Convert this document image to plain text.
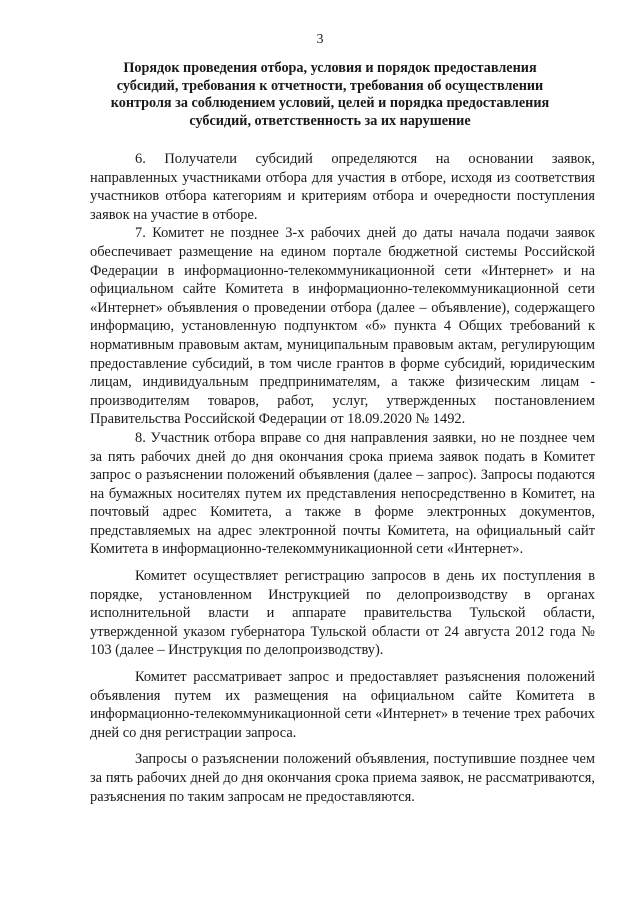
3
Порядок проведения отбора, условия и порядок предоставления субсидий, требования к отчетности, требования об осуществлении контроля за соблюдением условий, целей и порядка предоставления субсидий, ответственность за их нарушение

6. Получатели субсидий определяются на основании заявок, направленных участниками отбора для участия в отборе, исходя из соответствия участников отбора категориям и критериям отбора и очередности поступления заявок на участие в отборе.

7. Комитет не позднее 3-х рабочих дней до даты начала подачи заявок обеспечивает размещение на едином портале бюджетной системы Российской Федерации в информационно-телекоммуникационной сети «Интернет» и на официальном сайте Комитета в информационно-телекоммуникационной сети «Интернет» объявления о проведении отбора (далее – объявление), содержащего информацию, установленную подпунктом «б» пункта 4 Общих требований к нормативным правовым актам, муниципальным правовым актам, регулирующим предоставление субсидий, в том числе грантов в форме субсидий, юридическим лицам, индивидуальным предпринимателям, а также физическим лицам - производителям товаров, работ, услуг, утвержденных постановлением Правительства Российской Федерации от 18.09.2020 № 1492.

8. Участник отбора вправе со дня направления заявки, но не позднее чем за пять рабочих дней до дня окончания срока приема заявок подать в Комитет запрос о разъяснении положений объявления (далее – запрос). Запросы подаются на бумажных носителях путем их представления непосредственно в Комитет, на почтовый адрес Комитета, а также в форме электронных документов, представляемых на адрес электронной почты Комитета, на официальный сайт Комитета в информационно-телекоммуникационной сети «Интернет».

Комитет осуществляет регистрацию запросов в день их поступления в порядке, установленном Инструкцией по делопроизводству в органах исполнительной власти и аппарате правительства Тульской области, утвержденной указом губернатора Тульской области от 24 августа 2012 года № 103 (далее – Инструкция по делопроизводству).

Комитет рассматривает запрос и предоставляет разъяснения положений объявления путем их размещения на официальном сайте Комитета в информационно-телекоммуникационной сети «Интернет» в течение трех рабочих дней со дня регистрации запроса.

Запросы о разъяснении положений объявления, поступившие позднее чем за пять рабочих дней до дня окончания срока приема заявок, не рассматриваются, разъяснения по таким запросам не предоставляются.
